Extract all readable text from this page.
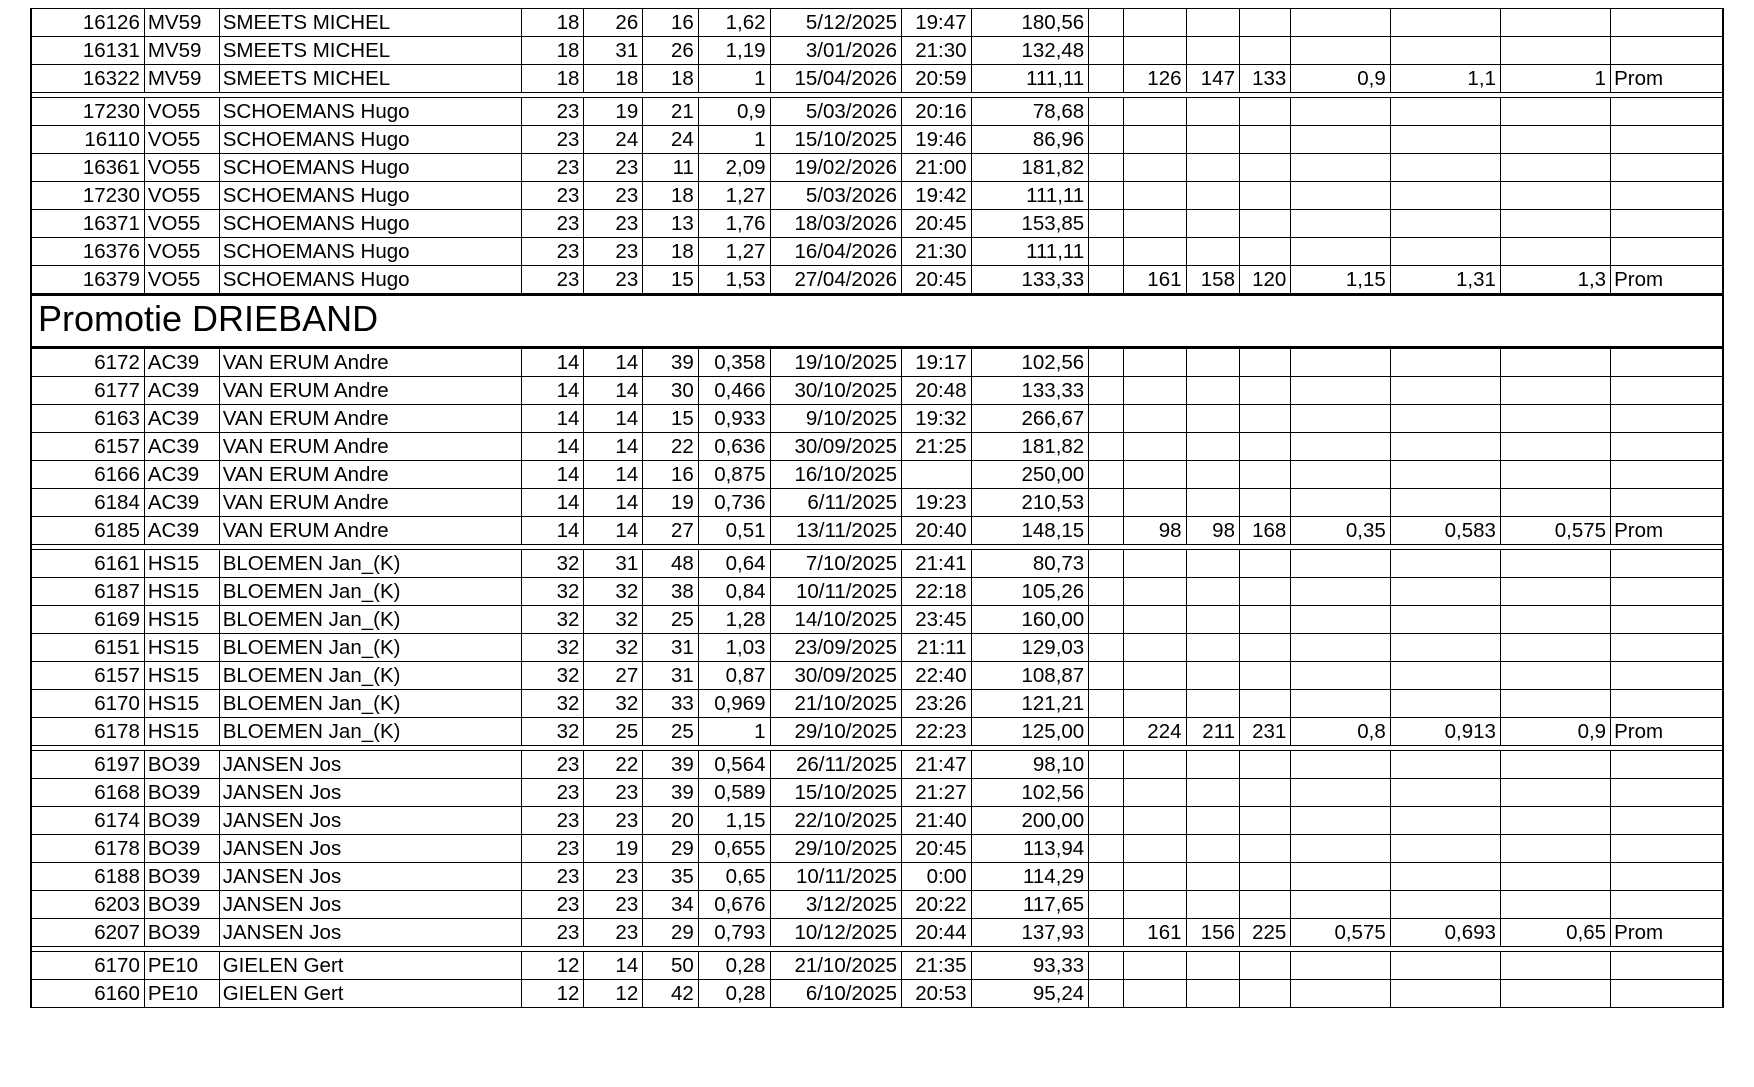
16126	MV59	SMEETS MICHEL	18	26	16	1,62	5/12/2025	19:47	180,56								
16131	MV59	SMEETS MICHEL	18	31	26	1,19	3/01/2026	21:30	132,48								
16322	MV59	SMEETS MICHEL	18	18	18	1	15/04/2026	20:59	111,11		126	147	133	0,9	1,1	1	Prom
17230	VO55	SCHOEMANS Hugo	23	19	21	0,9	5/03/2026	20:16	78,68								
16110	VO55	SCHOEMANS Hugo	23	24	24	1	15/10/2025	19:46	86,96								
16361	VO55	SCHOEMANS Hugo	23	23	11	2,09	19/02/2026	21:00	181,82								
17230	VO55	SCHOEMANS Hugo	23	23	18	1,27	5/03/2026	19:42	111,11								
16371	VO55	SCHOEMANS Hugo	23	23	13	1,76	18/03/2026	20:45	153,85								
16376	VO55	SCHOEMANS Hugo	23	23	18	1,27	16/04/2026	21:30	111,11								
16379	VO55	SCHOEMANS Hugo	23	23	15	1,53	27/04/2026	20:45	133,33		161	158	120	1,15	1,31	1,3	Prom
Promotie DRIEBAND
6172	AC39	VAN ERUM Andre	14	14	39	0,358	19/10/2025	19:17	102,56								
6177	AC39	VAN ERUM Andre	14	14	30	0,466	30/10/2025	20:48	133,33								
6163	AC39	VAN ERUM Andre	14	14	15	0,933	9/10/2025	19:32	266,67								
6157	AC39	VAN ERUM Andre	14	14	22	0,636	30/09/2025	21:25	181,82								
6166	AC39	VAN ERUM Andre	14	14	16	0,875	16/10/2025		250,00								
6184	AC39	VAN ERUM Andre	14	14	19	0,736	6/11/2025	19:23	210,53								
6185	AC39	VAN ERUM Andre	14	14	27	0,51	13/11/2025	20:40	148,15		98	98	168	0,35	0,583	0,575	Prom
6161	HS15	BLOEMEN Jan_(K)	32	31	48	0,64	7/10/2025	21:41	80,73								
6187	HS15	BLOEMEN Jan_(K)	32	32	38	0,84	10/11/2025	22:18	105,26								
6169	HS15	BLOEMEN Jan_(K)	32	32	25	1,28	14/10/2025	23:45	160,00								
6151	HS15	BLOEMEN Jan_(K)	32	32	31	1,03	23/09/2025	21:11	129,03								
6157	HS15	BLOEMEN Jan_(K)	32	27	31	0,87	30/09/2025	22:40	108,87								
6170	HS15	BLOEMEN Jan_(K)	32	32	33	0,969	21/10/2025	23:26	121,21								
6178	HS15	BLOEMEN Jan_(K)	32	25	25	1	29/10/2025	22:23	125,00		224	211	231	0,8	0,913	0,9	Prom
6197	BO39	JANSEN Jos	23	22	39	0,564	26/11/2025	21:47	98,10								
6168	BO39	JANSEN Jos	23	23	39	0,589	15/10/2025	21:27	102,56								
6174	BO39	JANSEN Jos	23	23	20	1,15	22/10/2025	21:40	200,00								
6178	BO39	JANSEN Jos	23	19	29	0,655	29/10/2025	20:45	113,94								
6188	BO39	JANSEN Jos	23	23	35	0,65	10/11/2025	0:00	114,29								
6203	BO39	JANSEN Jos	23	23	34	0,676	3/12/2025	20:22	117,65								
6207	BO39	JANSEN Jos	23	23	29	0,793	10/12/2025	20:44	137,93		161	156	225	0,575	0,693	0,65	Prom
6170	PE10	GIELEN Gert	12	14	50	0,28	21/10/2025	21:35	93,33								
6160	PE10	GIELEN Gert	12	12	42	0,28	6/10/2025	20:53	95,24								
